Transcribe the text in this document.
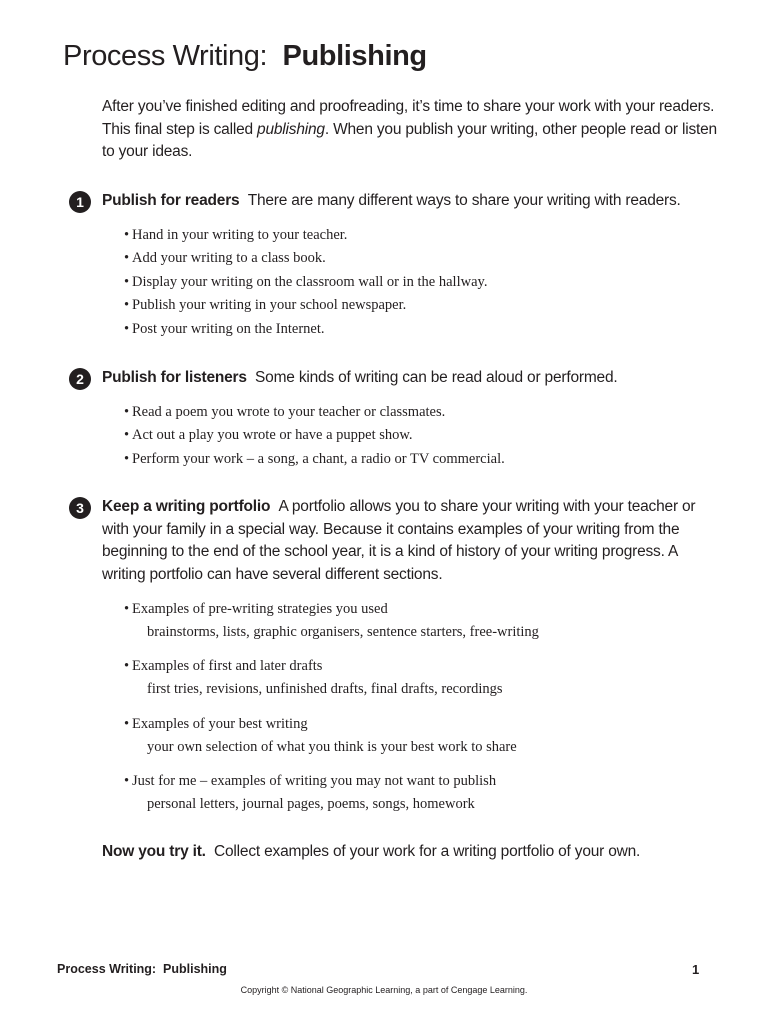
Process Writing: Publishing

After you’ve finished editing and proofreading, it’s time to share your work with your readers. This final step is called publishing. When you publish your writing, other people read or listen to your ideas.

1	Publish for readers There are many different ways to share your writing with readers.

• Hand in your writing to your teacher.
• Add your writing to a class book.
• Display your writing on the classroom wall or in the hallway.
• Publish your writing in your school newspaper.
• Post your writing on the Internet.
2	Publish for listeners Some kinds of writing can be read aloud or performed.

• Read a poem you wrote to your teacher or classmates.
• Act out a play you wrote or have a puppet show.
• Perform your work – a song, a chant, a radio or TV commercial.
3	Keep a writing portfolio A portfolio allows you to share your writing with your teacher or with your family in a special way. Because it contains examples of your writing from the beginning to the end of the school year, it is a kind of history of your writing progress. A writing portfolio can have several different sections.

• Examples of pre-writing strategies you used
brainstorms, lists, graphic organisers, sentence starters, free-writing
• Examples of first and later drafts
first tries, revisions, unfinished drafts, final drafts, recordings
• Examples of your best writing
your own selection of what you think is your best work to share
• Just for me – examples of writing you may not want to publish
personal letters, journal pages, poems, songs, homework

Now you try it. Collect examples of your work for a writing portfolio of your own.

Process Writing:  Publishing	1
Copyright © National Geographic Learning, a part of Cengage Learning.
